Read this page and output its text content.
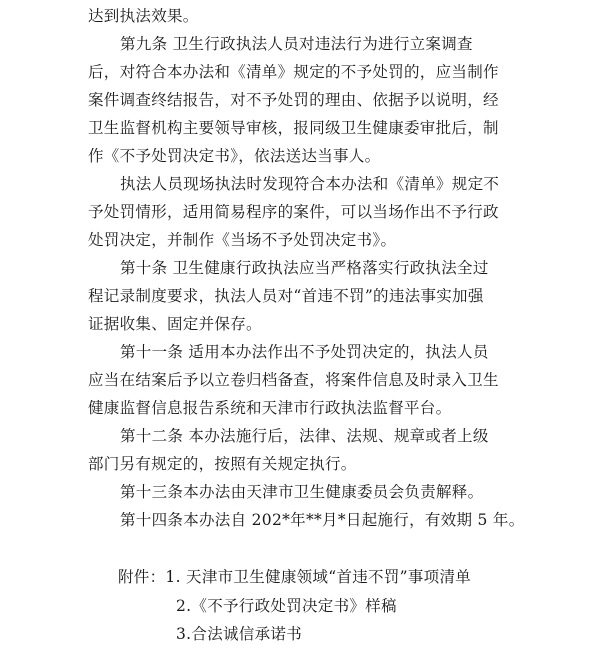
达到执法效果。
第九条 卫生行政执法人员对违法行为进行立案调查
后，对符合本办法和《清单》规定的不予处罚的，应当制作
案件调查终结报告，对不予处罚的理由、依据予以说明，经
卫生监督机构主要领导审核，报同级卫生健康委审批后，制
作《不予处罚决定书》，依法送达当事人。
执法人员现场执法时发现符合本办法和《清单》规定不
予处罚情形，适用简易程序的案件，可以当场作出不予行政
处罚决定，并制作《当场不予处罚决定书》。
第十条 卫生健康行政执法应当严格落实行政执法全过
程记录制度要求，执法人员对“首违不罚”的违法事实加强
证据收集、固定并保存。
第十一条 适用本办法作出不予处罚决定的，执法人员
应当在结案后予以立卷归档备查，将案件信息及时录入卫生
健康监督信息报告系统和天津市行政执法监督平台。
第十二条 本办法施行后，法律、法规、规章或者上级
部门另有规定的，按照有关规定执行。
第十三条本办法由天津市卫生健康委员会负责解释。
第十四条本办法自 202*年**月*日起施行，有效期 5 年。
附件：1. 天津市卫生健康领域“首违不罚”事项清单
2.《不予行政处罚决定书》样稿
3.合法诚信承诺书
